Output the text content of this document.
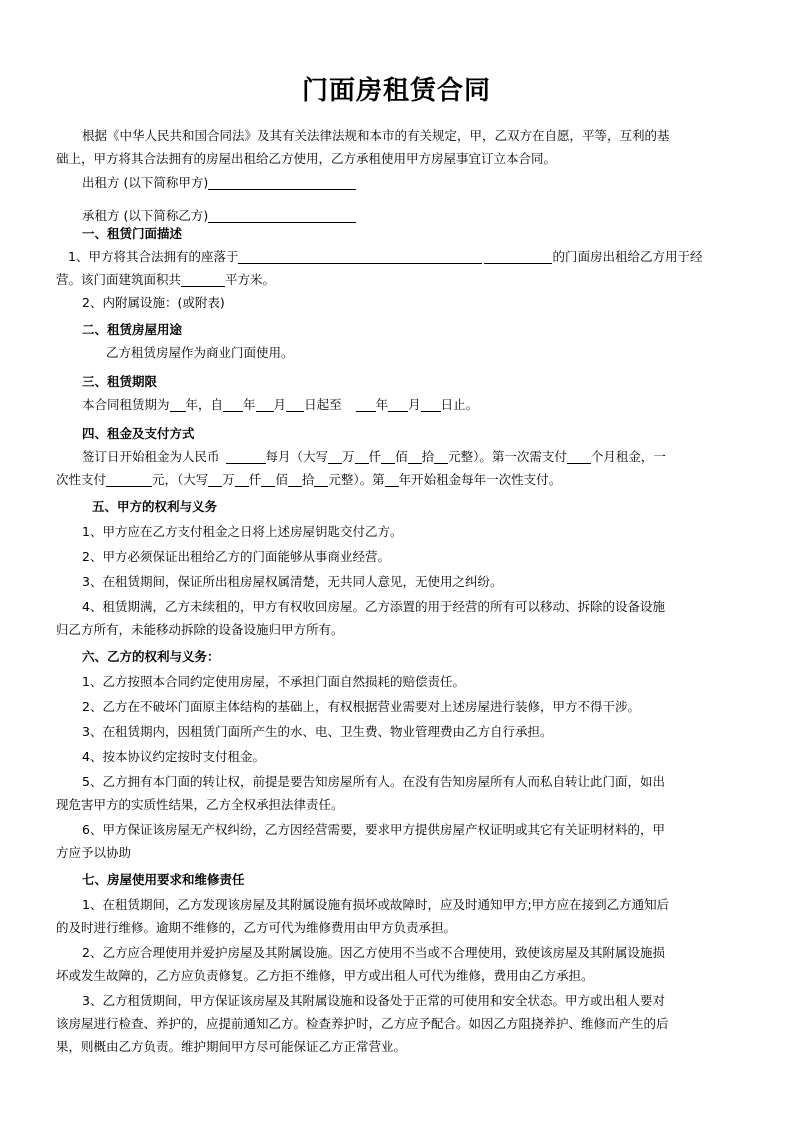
门面房租赁合同
根据《中华人民共和国合同法》及其有关法律法规和本市的有关规定，甲，乙双方在自愿，平等，互利的基
础上，甲方将其合法拥有的房屋出租给乙方使用，乙方承租使用甲方房屋事宜订立本合同。
出租方 (以下简称甲方)
承租方 (以下简称乙方)
一、租赁门面描述
1、甲方将其合法拥有的座落于	的门面房出租给乙方用于经
营。该门面建筑面积共	平方米。
2、内附属设施：(或附表)
二、租赁房屋用途
乙方租赁房屋作为商业门面使用。
三、租赁期限
本合同租赁期为 年，自 年 月 日起至	年 月 日止。
四、租金及支付方式
签订日开始租金为人民币	每月（大写 万 仟 佰 拾 元整）。第一次需支付 个月租金，一
次性支付	元，（大写 万 仟 佰 拾 元整）。第 年开始租金每年一次性支付。
五、甲方的权利与义务
1、甲方应在乙方支付租金之日将上述房屋钥匙交付乙方。
2、甲方必须保证出租给乙方的门面能够从事商业经营。
3、在租赁期间，保证所出租房屋权属清楚，无共同人意见，无使用之纠纷。
4、租赁期满，乙方未续租的，甲方有权收回房屋。乙方添置的用于经营的所有可以移动、拆除的设备设施
归乙方所有，未能移动拆除的设备设施归甲方所有。
六、乙方的权利与义务：
1、乙方按照本合同约定使用房屋，不承担门面自然损耗的赔偿责任。
2、乙方在不破坏门面原主体结构的基础上，有权根据营业需要对上述房屋进行装修，甲方不得干涉。
3、在租赁期内，因租赁门面所产生的水、电、卫生费、物业管理费由乙方自行承担。
4、按本协议约定按时支付租金。
5、乙方拥有本门面的转让权，前提是要告知房屋所有人。在没有告知房屋所有人而私自转让此门面，如出
现危害甲方的实质性结果，乙方全权承担法律责任。
6、甲方保证该房屋无产权纠纷，乙方因经营需要，要求甲方提供房屋产权证明或其它有关证明材料的，甲
方应予以协助
七、房屋使用要求和维修责任
1、在租赁期间，乙方发现该房屋及其附属设施有损坏或故障时，应及时通知甲方;甲方应在接到乙方通知后
的及时进行维修。逾期不维修的，乙方可代为维修费用由甲方负责承担。
2、乙方应合理使用并爱护房屋及其附属设施。因乙方使用不当或不合理使用，致使该房屋及其附属设施损
坏或发生故障的，乙方应负责修复。乙方拒不维修，甲方或出租人可代为维修，费用由乙方承担。
3、乙方租赁期间，甲方保证该房屋及其附属设施和设备处于正常的可使用和安全状态。甲方或出租人要对
该房屋进行检查、养护的，应提前通知乙方。检查养护时，乙方应予配合。如因乙方阻挠养护、维修而产生的后
果，则概由乙方负责。维护期间甲方尽可能保证乙方正常营业。
